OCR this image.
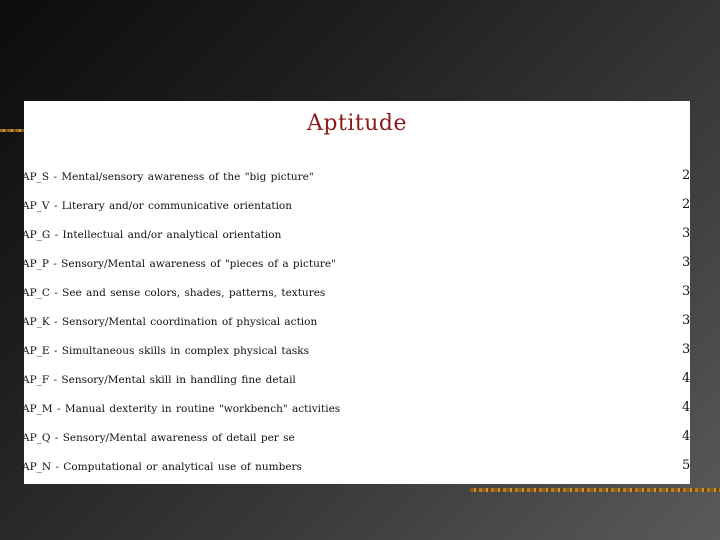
Aptitude
AP_S - Mental/sensory awareness of the "big picture"	2
AP_V - Literary and/or communicative orientation	2
AP_G - Intellectual and/or analytical orientation	3
AP_P - Sensory/Mental awareness of "pieces of a picture"	3
AP_C - See and sense colors, shades, patterns, textures	3
AP_K - Sensory/Mental coordination of physical action	3
AP_E - Simultaneous skills in complex physical tasks	3
AP_F - Sensory/Mental skill in handling fine detail	4
AP_M - Manual dexterity in routine "workbench" activities	4
AP_Q - Sensory/Mental awareness of detail per se	4
AP_N - Computational or analytical use of numbers	5
